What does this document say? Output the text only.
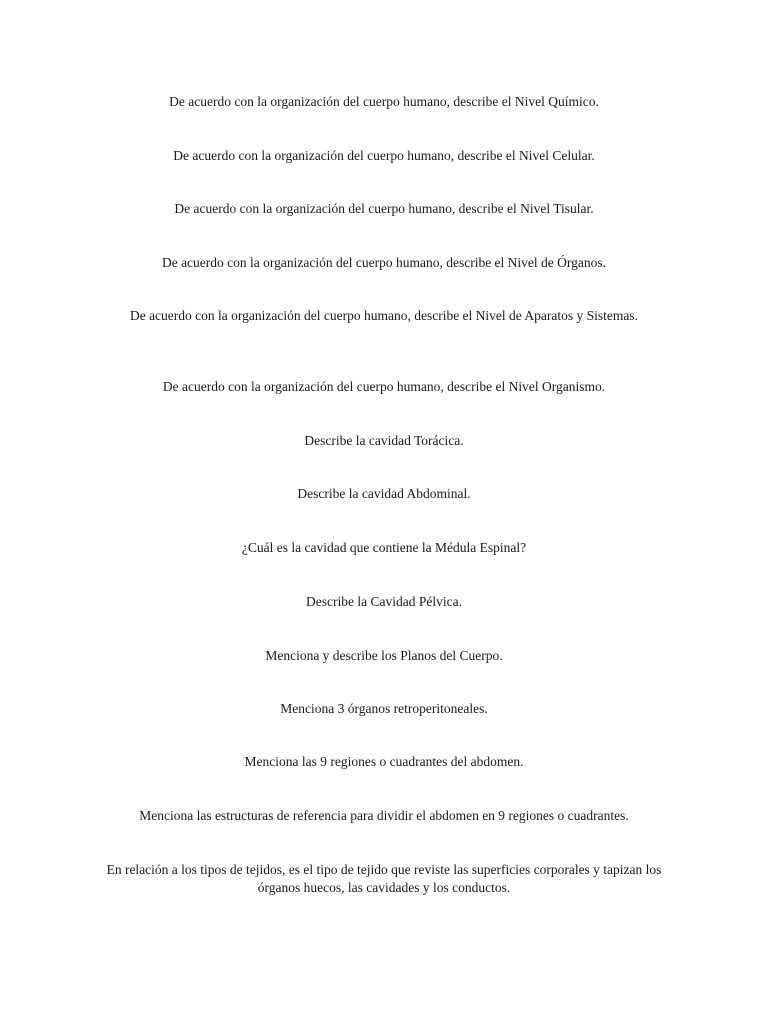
De acuerdo con la organización del cuerpo humano, describe el Nivel Químico.

De acuerdo con la organización del cuerpo humano, describe el Nivel Celular.

De acuerdo con la organización del cuerpo humano, describe el Nivel Tisular.

De acuerdo con la organización del cuerpo humano, describe el Nivel de Órganos.

De acuerdo con la organización del cuerpo humano, describe el Nivel de Aparatos y Sistemas.

De acuerdo con la organización del cuerpo humano, describe el Nivel Organismo.

Describe la cavidad Torácica.

Describe la cavidad Abdominal.

¿Cuál es la cavidad que contiene la Médula Espinal?

Describe la Cavidad Pélvica.

Menciona y describe los Planos del Cuerpo.

Menciona 3 órganos retroperitoneales.

Menciona las 9 regiones o cuadrantes del abdomen.

Menciona las estructuras de referencia para dividir el abdomen en 9 regiones o cuadrantes.

En relación a los tipos de tejidos, es el tipo de tejido que reviste las superficies corporales y tapizan los órganos huecos, las cavidades y los conductos.
